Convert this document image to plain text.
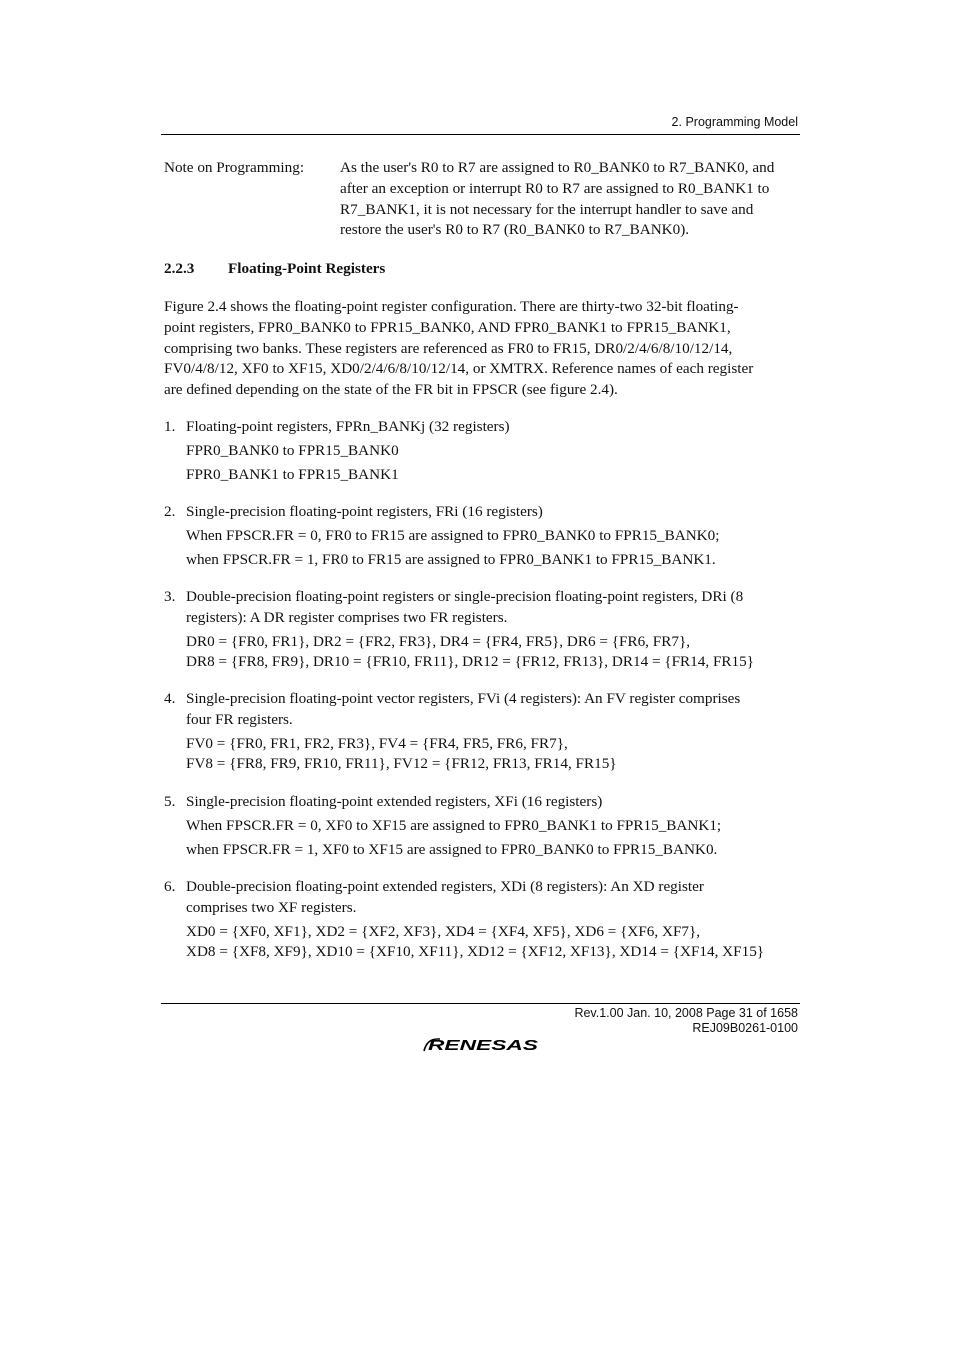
2. Programming Model
Note on Programming: As the user's R0 to R7 are assigned to R0_BANK0 to R7_BANK0, and
after an exception or interrupt R0 to R7 are assigned to R0_BANK1 to
R7_BANK1, it is not necessary for the interrupt handler to save and
restore the user's R0 to R7 (R0_BANK0 to R7_BANK0).
2.2.3 Floating-Point Registers
Figure 2.4 shows the floating-point register configuration. There are thirty-two 32-bit floating-
point registers, FPR0_BANK0 to FPR15_BANK0, AND FPR0_BANK1 to FPR15_BANK1,
comprising two banks. These registers are referenced as FR0 to FR15, DR0/2/4/6/8/10/12/14,
FV0/4/8/12, XF0 to XF15, XD0/2/4/6/8/10/12/14, or XMTRX. Reference names of each register
are defined depending on the state of the FR bit in FPSCR (see figure 2.4).
1. Floating-point registers, FPRn_BANKj (32 registers)
FPR0_BANK0 to FPR15_BANK0
FPR0_BANK1 to FPR15_BANK1
2. Single-precision floating-point registers, FRi (16 registers)
When FPSCR.FR = 0, FR0 to FR15 are assigned to FPR0_BANK0 to FPR15_BANK0;
when FPSCR.FR = 1, FR0 to FR15 are assigned to FPR0_BANK1 to FPR15_BANK1.
3. Double-precision floating-point registers or single-precision floating-point registers, DRi (8
registers): A DR register comprises two FR registers.
DR0 = {FR0, FR1}, DR2 = {FR2, FR3}, DR4 = {FR4, FR5}, DR6 = {FR6, FR7},
DR8 = {FR8, FR9}, DR10 = {FR10, FR11}, DR12 = {FR12, FR13}, DR14 = {FR14, FR15}
4. Single-precision floating-point vector registers, FVi (4 registers): An FV register comprises
four FR registers.
FV0 = {FR0, FR1, FR2, FR3}, FV4 = {FR4, FR5, FR6, FR7},
FV8 = {FR8, FR9, FR10, FR11}, FV12 = {FR12, FR13, FR14, FR15}
5. Single-precision floating-point extended registers, XFi (16 registers)
When FPSCR.FR = 0, XF0 to XF15 are assigned to FPR0_BANK1 to FPR15_BANK1;
when FPSCR.FR = 1, XF0 to XF15 are assigned to FPR0_BANK0 to FPR15_BANK0.
6. Double-precision floating-point extended registers, XDi (8 registers): An XD register
comprises two XF registers.
XD0 = {XF0, XF1}, XD2 = {XF2, XF3}, XD4 = {XF4, XF5}, XD6 = {XF6, XF7},
XD8 = {XF8, XF9}, XD10 = {XF10, XF11}, XD12 = {XF12, XF13}, XD14 = {XF14, XF15}
Rev.1.00 Jan. 10, 2008 Page 31 of 1658
REJ09B0261-0100
RENESAS
